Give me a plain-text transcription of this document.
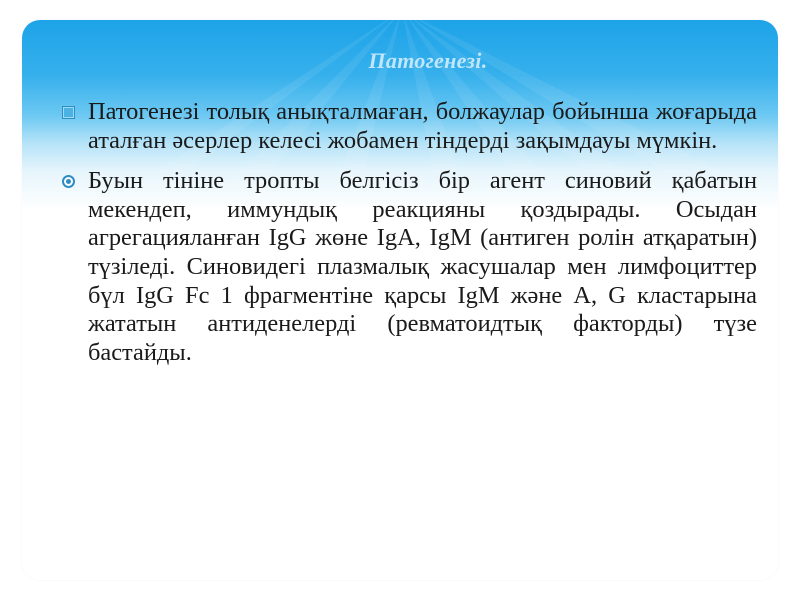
Патогенезі.
Патогенезі толық анықталмаған, болжаулар бойынша жоғарыда аталған әсерлер келесі жобамен тіндерді зақымдауы мүмкін.
Буын тініне тропты белгісіз бір агент синовий қабатын мекендеп, иммундық реакцияны қоздырады. Осыдан агрегацияланған IgG жөне IgA, IgM (антиген ролін атқаратын) түзіледі. Синовидегі плазмалық жасушалар мен лимфоциттер бүл IgG Fc 1 фрагментіне қарсы IgM және A, G кластарына жататын антиденелерді (ревматоидтық факторды) түзе бастайды.
